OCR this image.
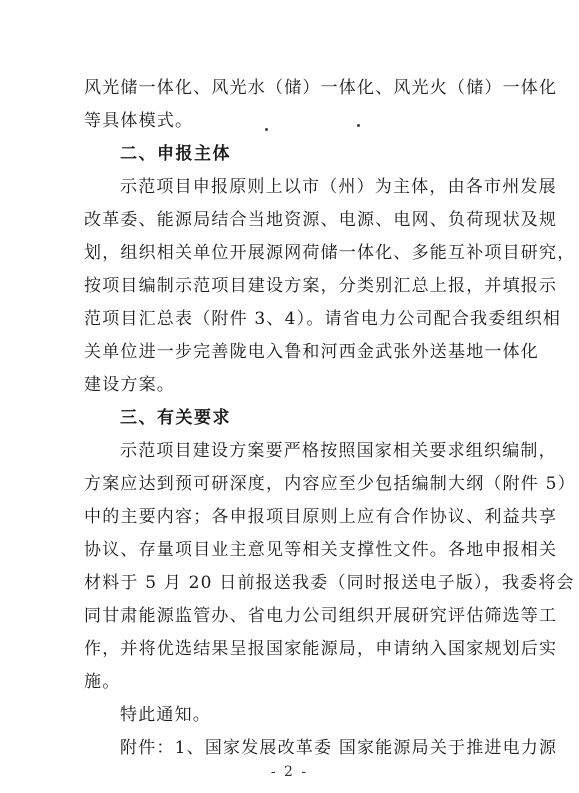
风光储一体化、风光水（储）一体化、风光火（储）一体化
等具体模式。
二、申报主体
示范项目申报原则上以市（州）为主体，由各市州发展
改革委、能源局结合当地资源、电源、电网、负荷现状及规
划，组织相关单位开展源网荷储一体化、多能互补项目研究，
按项目编制示范项目建设方案，分类别汇总上报，并填报示
范项目汇总表（附件 3、4）。请省电力公司配合我委组织相
关单位进一步完善陇电入鲁和河西金武张外送基地一体化
建设方案。
三、有关要求
示范项目建设方案要严格按照国家相关要求组织编制，
方案应达到预可研深度，内容应至少包括编制大纲（附件 5）
中的主要内容；各申报项目原则上应有合作协议、利益共享
协议、存量项目业主意见等相关支撑性文件。各地申报相关
材料于 5 月 20 日前报送我委（同时报送电子版），我委将会
同甘肃能源监管办、省电力公司组织开展研究评估筛选等工
作，并将优选结果呈报国家能源局，申请纳入国家规划后实
施。
特此通知。
附件：1、国家发展改革委 国家能源局关于推进电力源
- 2 -
